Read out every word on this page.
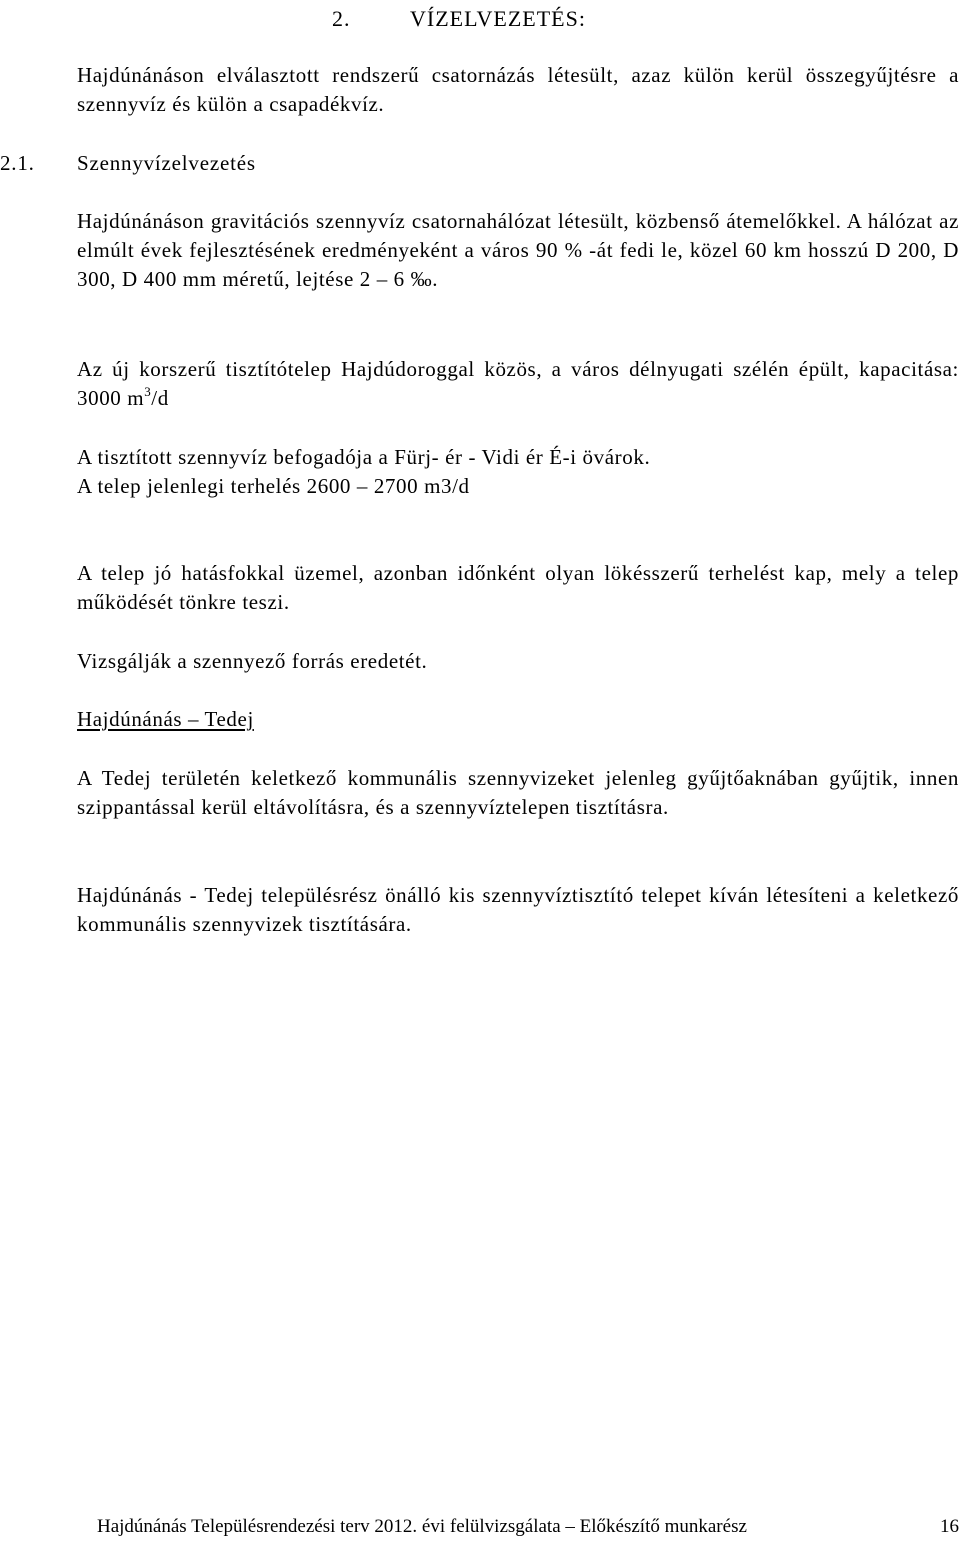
2.	VÍZELVEZETÉS:

Hajdúnánáson elválasztott rendszerű csatornázás létesült, azaz külön kerül összegyűjtésre a szennyvíz és külön a csapadékvíz.

2.1. Szennyvízelvezetés

Hajdúnánáson gravitációs szennyvíz csatornahálózat létesült, közbenső átemelőkkel. A hálózat az elmúlt évek fejlesztésének eredményeként a város 90 % -át fedi le, közel 60 km hosszú D 200, D 300, D 400 mm méretű, lejtése 2 – 6 ‰.

Az új korszerű tisztítótelep Hajdúdoroggal közös, a város délnyugati szélén épült, kapacitása: 3000 $m^3/d$

A tisztított szennyvíz befogadója a Fürj- ér - Vidi ér É-i övárok.

A telep jelenlegi terhelés 2600 – 2700 m3/d

A telep jó hatásfokkal üzemel, azonban időnként olyan lökésszerű terhelést kap, mely a telep működését tönkre teszi.

Vizsgálják a szennyező forrás eredetét.

Hajdúnánás – Tedej

A Tedej területén keletkező kommunális szennyvizeket jelenleg gyűjtőaknában gyűjtik, innen szippantással kerül eltávolításra, és a szennyvíztelepen tisztításra.

Hajdúnánás - Tedej településrész önálló kis szennyvíztisztító telepet kíván létesíteni a keletkező kommunális szennyvizek tisztítására.

Hajdúnánás Településrendezési terv 2012. évi felülvizsgálata – Előkészítő munkarész	16
